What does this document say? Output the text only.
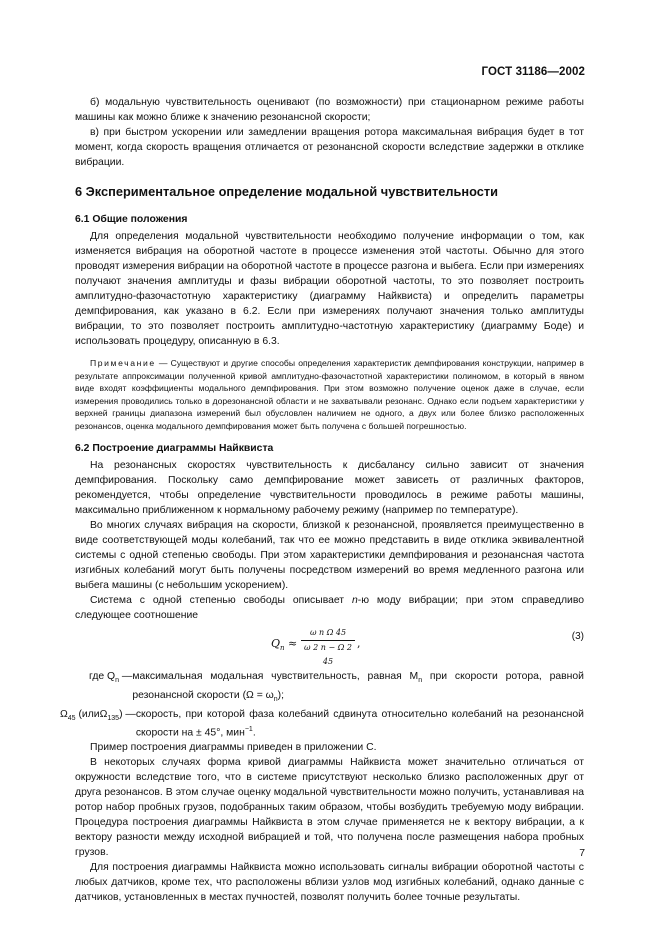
ГОСТ 31186—2002

б) модальную чувствительность оценивают (по возможности) при стационарном режиме работы машины как можно ближе к значению резонансной скорости;

в) при быстром ускорении или замедлении вращения ротора максимальная вибрация будет в тот момент, когда скорость вращения отличается от резонансной скорости вследствие задержки в отклике вибрации.

6 Экспериментальное определение модальной чувствительности
6.1 Общие положения

Для определения модальной чувствительности необходимо получение информации о том, как изменяется вибрация на оборотной частоте в процессе изменения этой частоты. Обычно для этого проводят измерения вибрации на оборотной частоте в процессе разгона и выбега. Если при измерениях получают значения амплитуды и фазы вибрации оборотной частоты, то это позволяет построить амплитудно-фазочастотную характеристику (диаграмму Найквиста) и определить параметры демпфирования, как указано в 6.2. Если при измерениях получают значения только амплитуды вибрации, то это позволяет построить амплитудно-частотную характеристику (диаграмму Боде) и использовать процедуру, описанную в 6.3.

Примечание — Существуют и другие способы определения характеристик демпфирования конструкции, например в результате аппроксимации полученной кривой амплитудно-фазочастотной характеристики полиномом, в который в явном виде входят коэффициенты модального демпфирования. При этом возможно получение оценок даже в случае, если измерения проводились только в дорезонансной области и не захватывали резонанс. Однако если подъем характеристики у верхней границы диапазона измерений был обусловлен наличием не одного, а двух или более близко расположенных резонансов, оценка модального демпфирования может быть получена с большей погрешностью.

6.2 Построение диаграммы Найквиста

На резонансных скоростях чувствительность к дисбалансу сильно зависит от значения демпфирования. Поскольку само демпфирование может зависеть от различных факторов, рекомендуется, чтобы определение чувствительности проводилось в режиме работы машины, максимально приближенном к нормальному рабочему режиму (например по температуре).

Во многих случаях вибрация на скорости, близкой к резонансной, проявляется преимущественно в виде соответствующей моды колебаний, так что ее можно представить в виде отклика эквивалентной системы с одной степенью свободы. При этом характеристики демпфирования и резонансная частота изгибных колебаний могут быть получены посредством измерений во время медленного разгона или выбега машины (с небольшим ускорением).

Система с одной степенью свободы описывает n-ю моду вибрации; при этом справедливо следующее соотношение

$Q_n \approx \frac{\text{ω n Ω 45}}{\omega 2 n - \Omega 2 45}$ ,
(3)
где $Q_n$ — максимальная модальная чувствительность, равная $M_n$ при скорости ротора, равной резонансной скорости $(\Omega = \omega_n)$;
$\Omega_{45}$ (илиΩ$_{135}$) — скорость, при которой фаза колебаний сдвинута относительно колебаний на резонансной скорости на ± 45°, мин$^{-1}$.

Пример построения диаграммы приведен в приложении С.

В некоторых случаях форма кривой диаграммы Найквиста может значительно отличаться от окружности вследствие того, что в системе присутствуют несколько близко расположенных друг от друга резонансов. В этом случае оценку модальной чувствительности можно получить, устанавливая на ротор набор пробных грузов, подобранных таким образом, чтобы возбудить требуемую моду вибрации. Процедура построения диаграммы Найквиста в этом случае применяется не к вектору вибрации, а к вектору разности между исходной вибрацией и той, что получена после размещения набора пробных грузов.

Для построения диаграммы Найквиста можно использовать сигналы вибрации оборотной частоты с любых датчиков, кроме тех, что расположены вблизи узлов мод изгибных колебаний, однако данные с датчиков, установленных в местах пучностей, позволят получить более точные результаты.

7
